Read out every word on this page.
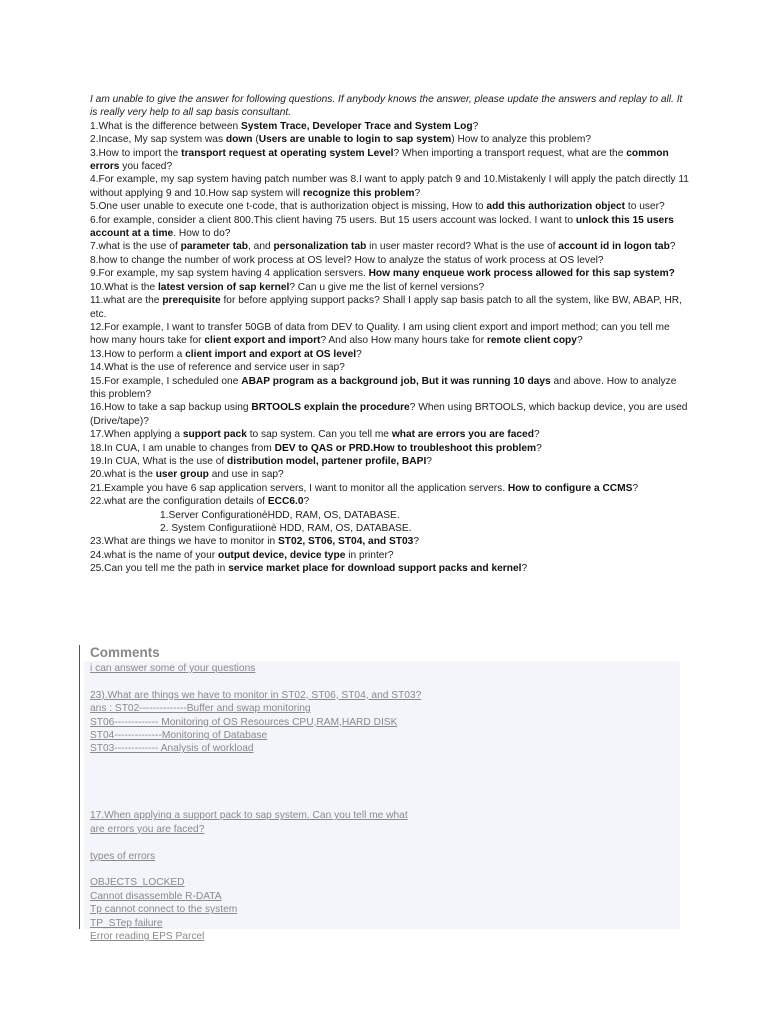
I am unable to give the answer for following questions. If anybody knows the answer, please update the answers and replay to all. It is really very help to all sap basis consultant.

1.What is the difference between System Trace, Developer Trace and System Log?

2.Incase, My sap system was down (Users are unable to login to sap system) How to analyze this problem?

3.How to import the transport request at operating system Level? When importing a transport request, what are the common errors you faced?

4.For example, my sap system having patch number was 8.I want to apply patch 9 and 10.Mistakenly I will apply the patch directly 11 without applying 9 and 10.How sap system will recognize this problem?

5.One user unable to execute one t-code, that is authorization object is missing, How to add this authorization object to user?

6.for example, consider a client 800.This client having 75 users. But 15 users account was locked. I want to unlock this 15 users account at a time. How to do?

7.what is the use of parameter tab, and personalization tab in user master record? What is the use of account id in logon tab?

8.how to change the number of work process at OS level? How to analyze the status of work process at OS level?

9.For example, my sap system having 4 application sersvers. How many enqueue work process allowed for this sap system?

10.What is the latest version of sap kernel? Can u give me the list of kernel versions?

11.what are the prerequisite for before applying support packs? Shall I apply sap basis patch to all the system, like BW, ABAP, HR, etc.

12.For example, I want to transfer 50GB of data from DEV to Quality. I am using client export and import method; can you tell me how many hours take for client export and import? And also How many hours take for remote client copy?

13.How to perform a client import and export at OS level?

14.What is the use of reference and service user in sap?

15.For example, I scheduled one ABAP program as a background job, But it was running 10 days and above. How to analyze this problem?

16.How to take a sap backup using BRTOOLS explain the procedure? When using BRTOOLS, which backup device, you are used (Drive/tape)?

17.When applying a support pack to sap system. Can you tell me what are errors you are faced?

18.In CUA, I am unable to changes from DEV to QAS or PRD.How to troubleshoot this problem?

19.In CUA, What is the use of distribution model, partener profile, BAPI?

20.what is the user group and use in sap?

21.Example you have 6 sap application servers, I want to monitor all the application servers. How to configure a CCMS?

22.what are the configuration details of ECC6.0?

1.Server ConfigurationèHDD, RAM, OS, DATABASE.

2. System Configuratiionè HDD, RAM, OS, DATABASE.

23.What are things we have to monitor in ST02, ST06, ST04, and ST03?

24.what is the name of your output device, device type in printer?

25.Can you tell me the path in service market place for download support packs and kernel?

Comments

i can answer some of your questions

23).What are things we have to monitor in ST02, ST06, ST04, and ST03?

ans : ST02--------------Buffer and swap monitoring

ST06------------- Monitoring of OS Resources CPU,RAM,HARD DISK

ST04--------------Monitoring of Database

ST03------------- Analysis of workload

17.When applying a support pack to sap system. Can you tell me what

are errors you are faced?

types of errors

OBJECTS_LOCKED

Cannot disassemble R-DATA

Tp cannot connect to the system

TP_STep failure

Error reading EPS Parcel
